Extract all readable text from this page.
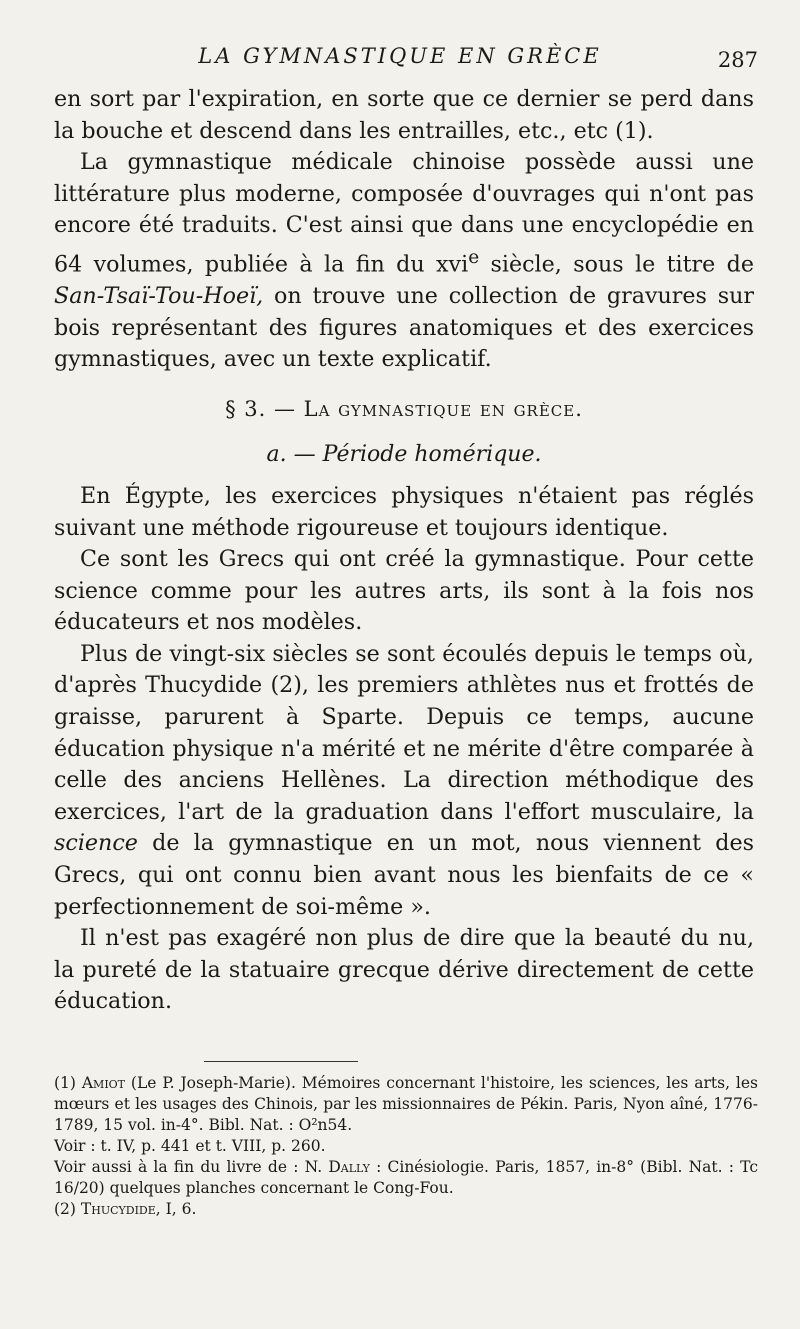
LA GYMNASTIQUE EN GRÈCE	287

en sort par l'expiration, en sorte que ce dernier se perd dans la bouche et descend dans les entrailles, etc., etc (1).

La gymnastique médicale chinoise possède aussi une littérature plus moderne, composée d'ouvrages qui n'ont pas encore été traduits. C'est ainsi que dans une encyclopédie en 64 volumes, publiée à la fin du xvi$^e$ siècle, sous le titre de San-Tsaï-Tou-Hoeï, on trouve une collection de gravures sur bois représentant des figures anatomiques et des exercices gymnastiques, avec un texte explicatif.

§ 3. — La gymnastique en grèce.
a. — Période homérique.

En Égypte, les exercices physiques n'étaient pas réglés suivant une méthode rigoureuse et toujours identique.

Ce sont les Grecs qui ont créé la gymnastique. Pour cette science comme pour les autres arts, ils sont à la fois nos éducateurs et nos modèles.

Plus de vingt-six siècles se sont écoulés depuis le temps où, d'après Thucydide (2), les premiers athlètes nus et frottés de graisse, parurent à Sparte. Depuis ce temps, aucune éducation physique n'a mérité et ne mérite d'être comparée à celle des anciens Hellènes. La direction méthodique des exercices, l'art de la graduation dans l'effort musculaire, la science de la gymnastique en un mot, nous viennent des Grecs, qui ont connu bien avant nous les bienfaits de ce « perfectionnement de soi-même ».

Il n'est pas exagéré non plus de dire que la beauté du nu, la pureté de la statuaire grecque dérive directement de cette éducation.

(1) Amiot (Le P. Joseph-Marie). Mémoires concernant l'histoire, les sciences, les arts, les mœurs et les usages des Chinois, par les missionnaires de Pékin. Paris, Nyon aîné, 1776-1789, 15 vol. in-4°. Bibl. Nat. : O²n54.

Voir : t. IV, p. 441 et t. VIII, p. 260.

Voir aussi à la fin du livre de : N. Dally : Cinésiologie. Paris, 1857, in-8° (Bibl. Nat. : Tc 16/20) quelques planches concernant le Cong-Fou.

(2) Thucydide, I, 6.
